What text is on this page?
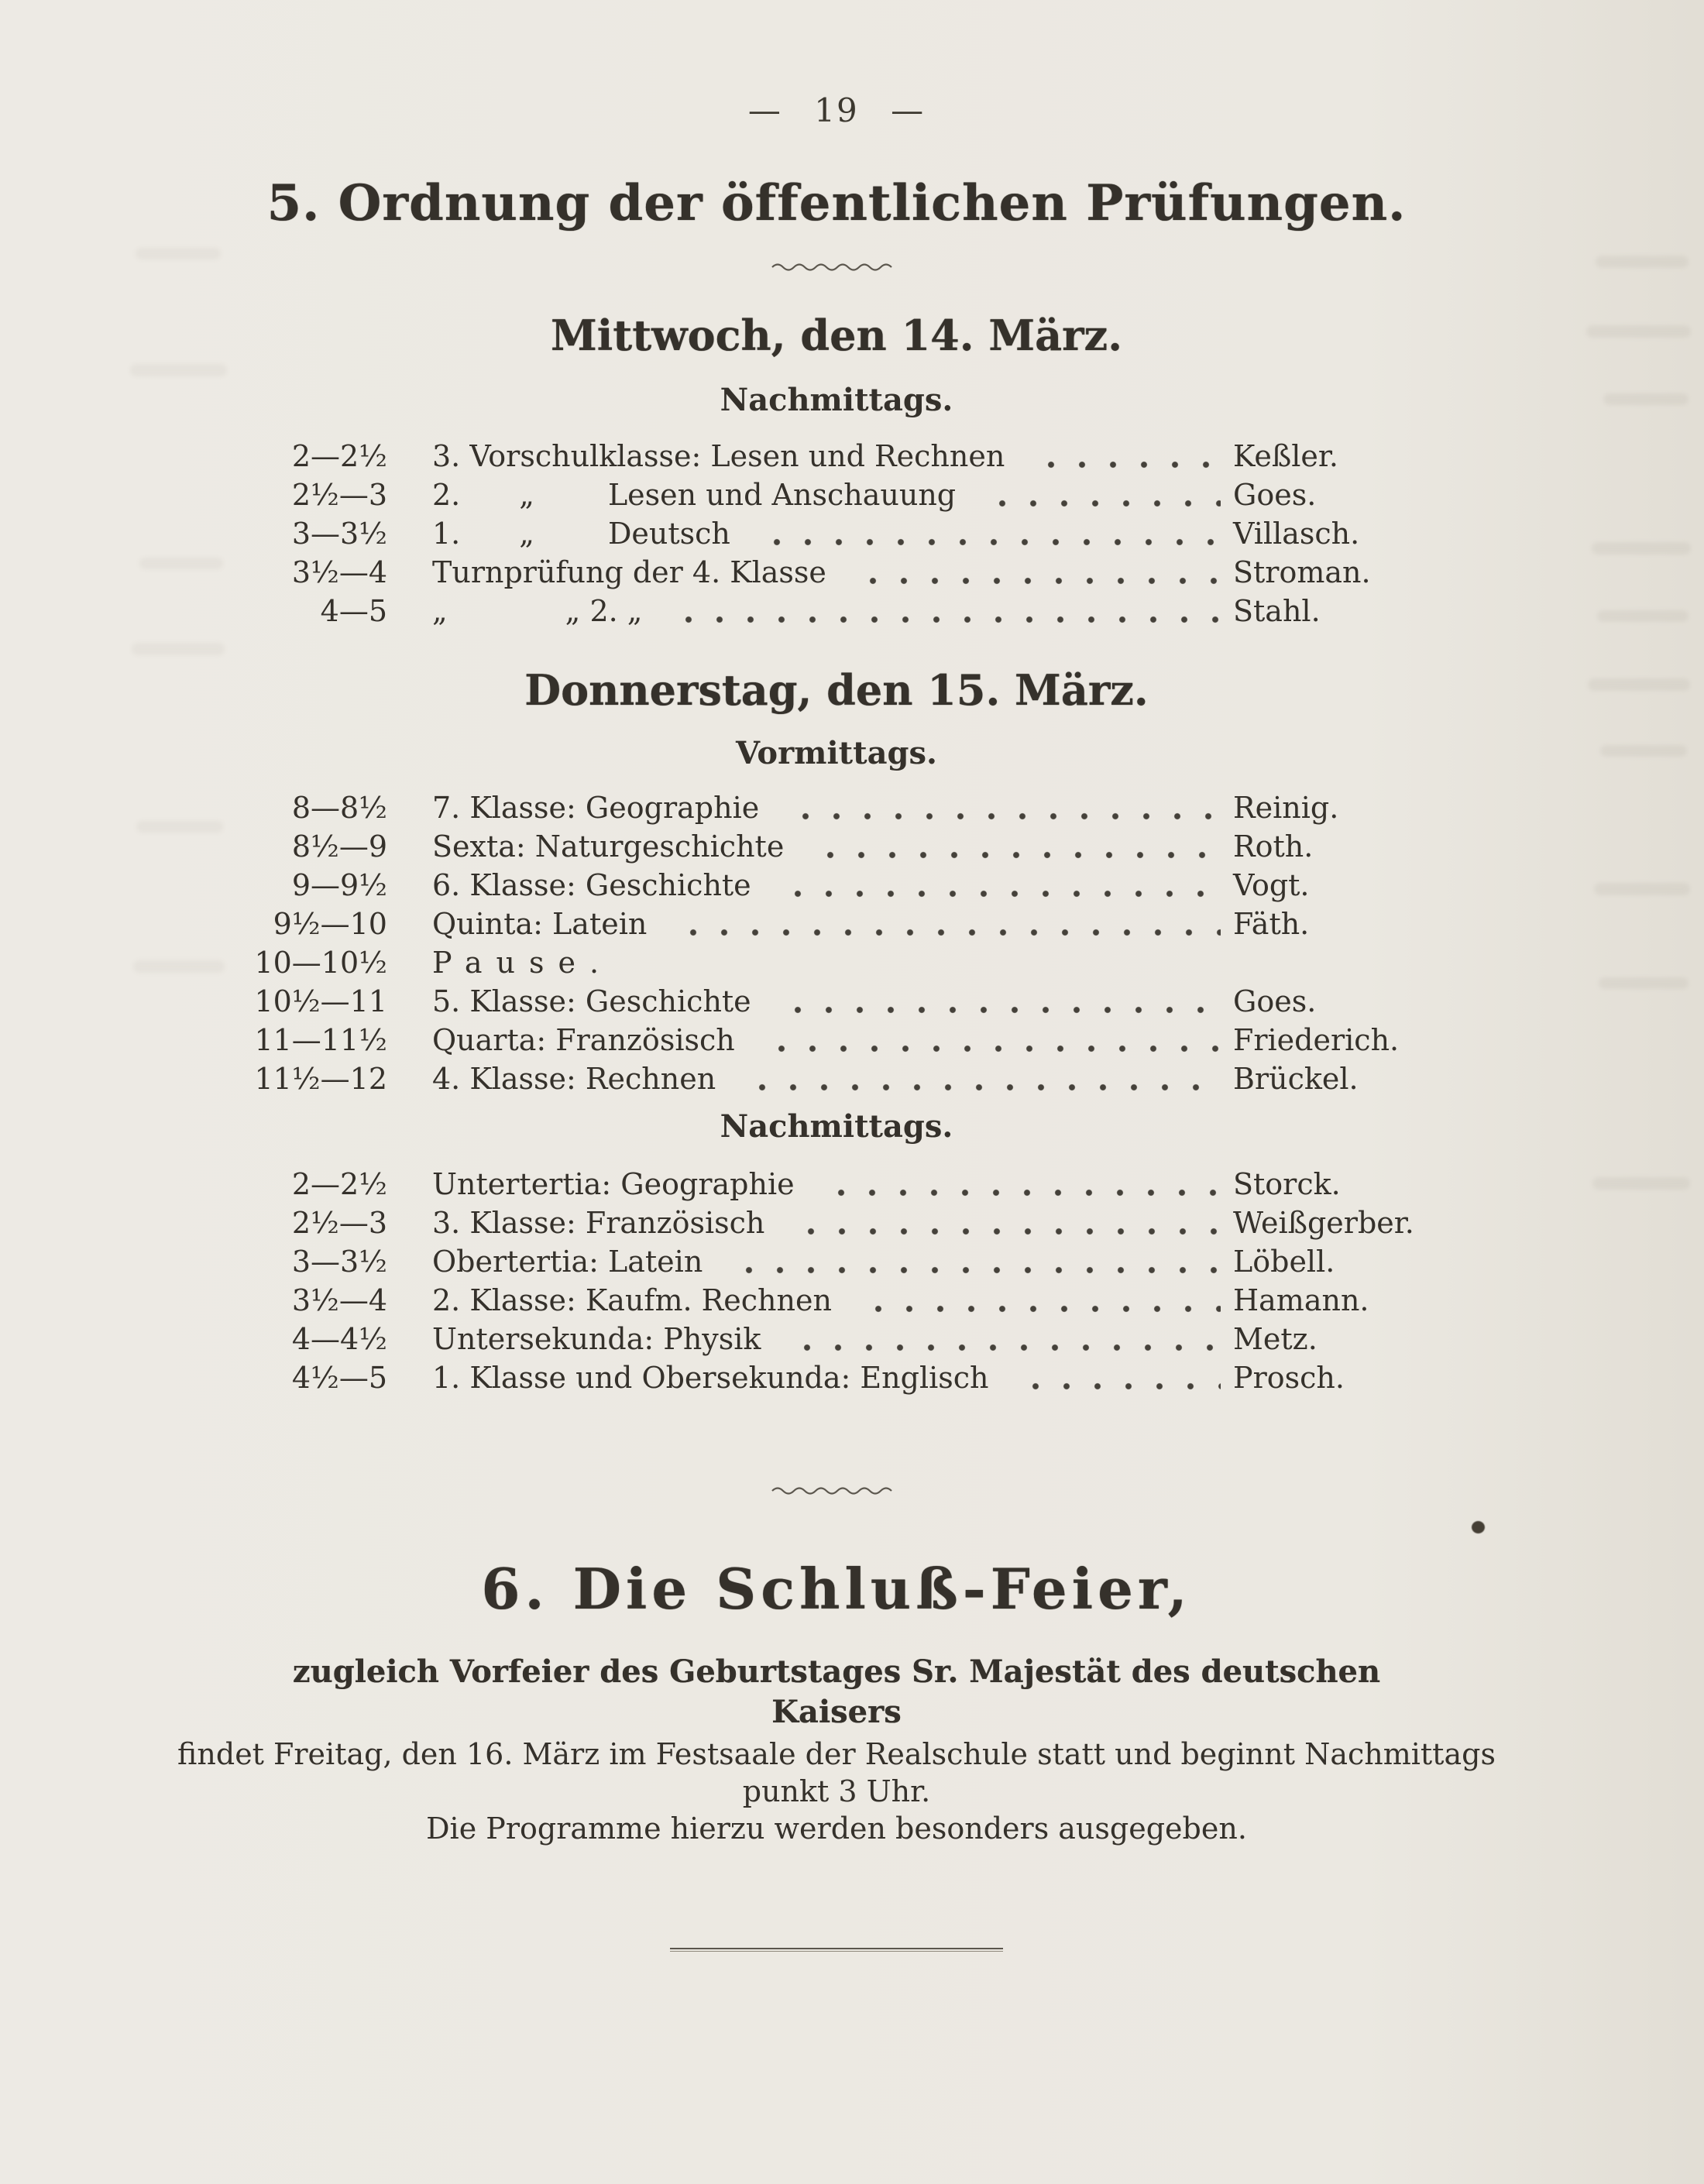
— 19 —
5. Ordnung der öffentlichen Prüfungen.
Mittwoch, den 14. März.
Nachmittags.
2—2½ 3. Vorschulklasse: Lesen und Rechnen	Keßler.
2½—3 2.  „   Lesen und Anschauung	Goes.
3—3½ 1.  „   Deutsch	Villasch.
3½—4 Turnprüfung der 4. Klasse	Stroman.
4—5 „    „ 2. „	Stahl.
Donnerstag, den 15. März.
Vormittags.
8—8½ 7. Klasse: Geographie	Reinig.
8½—9 Sexta: Naturgeschichte	Roth.
9—9½ 6. Klasse: Geschichte	Vogt.
9½—10 Quinta: Latein	Fäth.
10—10½ Pause.
10½—11 5. Klasse: Geschichte	Goes.
11—11½ Quarta: Französisch	Friederich.
11½—12 4. Klasse: Rechnen	Brückel.
Nachmittags.
2—2½ Untertertia: Geographie	Storck.
2½—3 3. Klasse: Französisch	Weißgerber.
3—3½ Obertertia: Latein	Löbell.
3½—4 2. Klasse: Kaufm. Rechnen	Hamann.
4—4½ Untersekunda: Physik	Metz.
4½—5 1. Klasse und Obersekunda: Englisch	Prosch.
6. Die Schluß-Feier,
zugleich Vorfeier des Geburtstages Sr. Majestät des deutschen Kaisers

findet Freitag, den 16. März im Festsaale der Realschule statt und beginnt Nachmittags punkt 3 Uhr.

Die Programme hierzu werden besonders ausgegeben.
